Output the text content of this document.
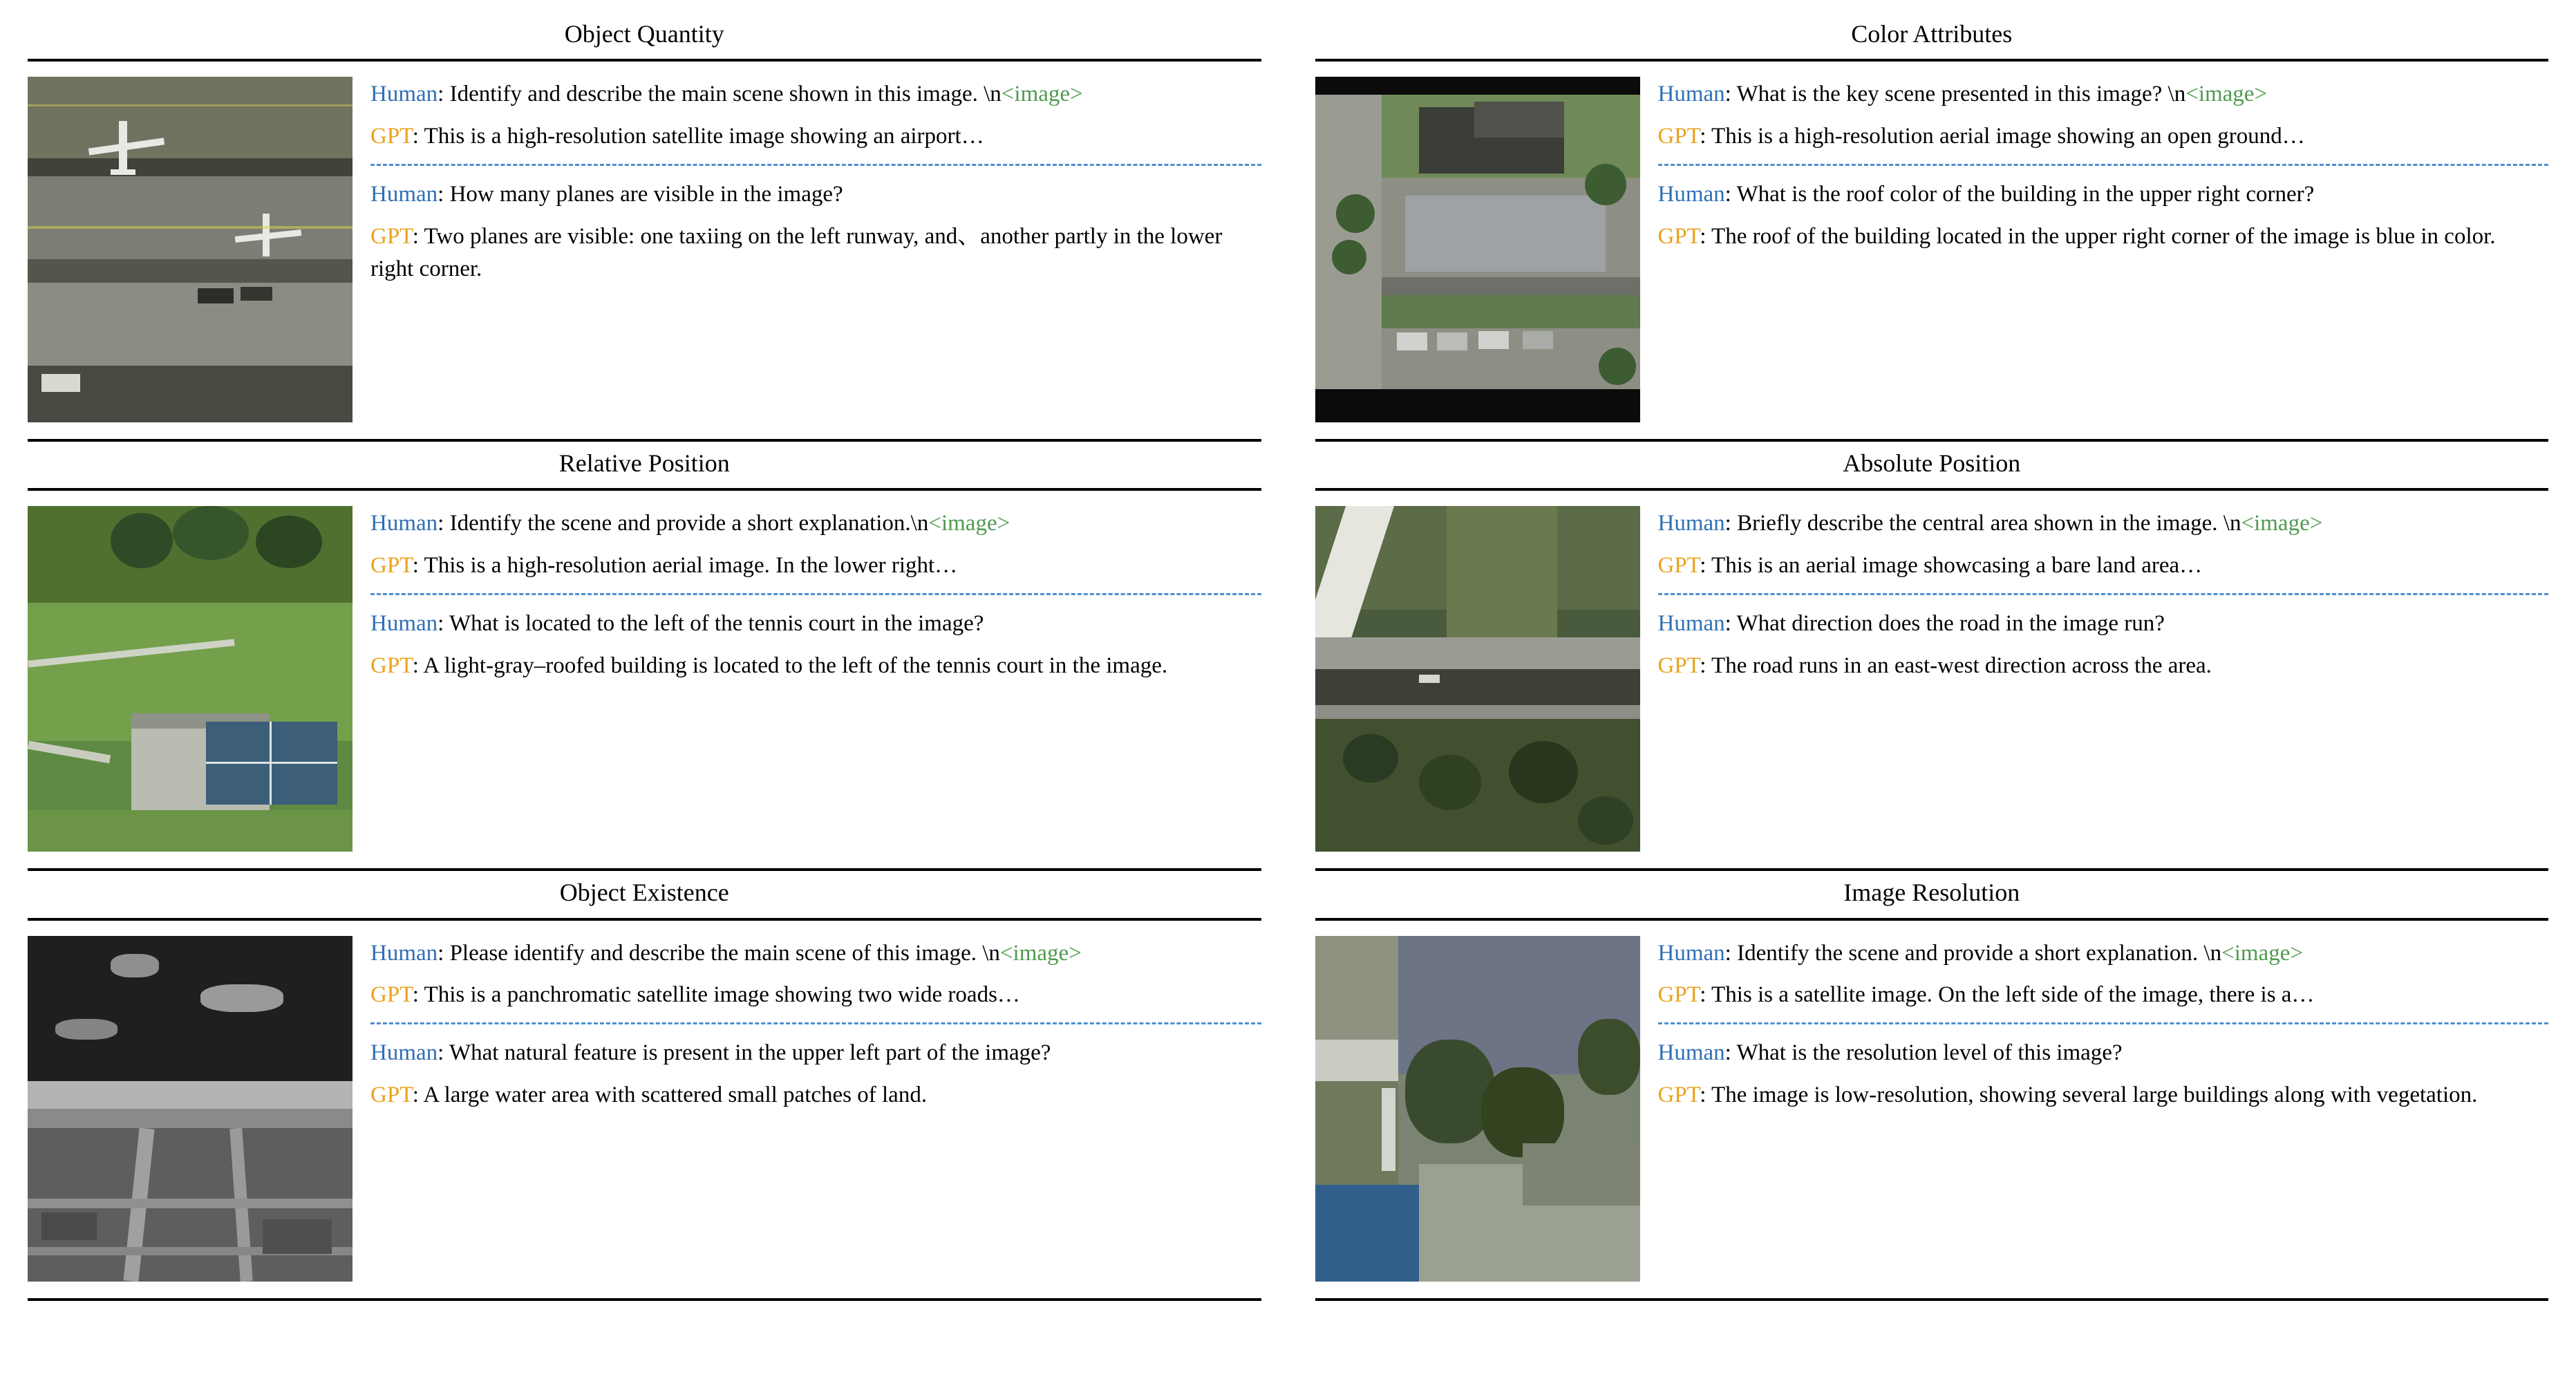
Object Quantity

Human: Identify and describe the main scene shown in this image. \n<image>

GPT: This is a high-resolution satellite image showing an airport…

Human: How many planes are visible in the image?

GPT: Two planes are visible: one taxiing on the left runway, and、another partly in the lower right corner.

Color Attributes

Human: What is the key scene presented in this image? \n<image>

GPT: This is a high-resolution aerial image showing an open ground…

Human: What is the roof color of the building in the upper right corner?

GPT: The roof of the building located in the upper right corner of the image is blue in color.

Relative Position

Human: Identify the scene and provide a short explanation.\n<image>

GPT: This is a high-resolution aerial image. In the lower right…

Human: What is located to the left of the tennis court in the image?

GPT: A light-gray–roofed building is located to the left of the tennis court in the image.

Absolute Position

Human: Briefly describe the central area shown in the image. \n<image>

GPT: This is an aerial image showcasing a bare land area…

Human: What direction does the road in the image run?

GPT: The road runs in an east-west direction across the area.

Object Existence

Human: Please identify and describe the main scene of this image. \n<image>

GPT: This is a panchromatic satellite image showing two wide roads…

Human: What natural feature is present in the upper left part of the image?

GPT: A large water area with scattered small patches of land.

Image Resolution

Human: Identify the scene and provide a short explanation. \n<image>

GPT: This is a satellite image. On the left side of the image, there is a…

Human: What is the resolution level of this image?

GPT: The image is low-resolution, showing several large buildings along with vegetation.
